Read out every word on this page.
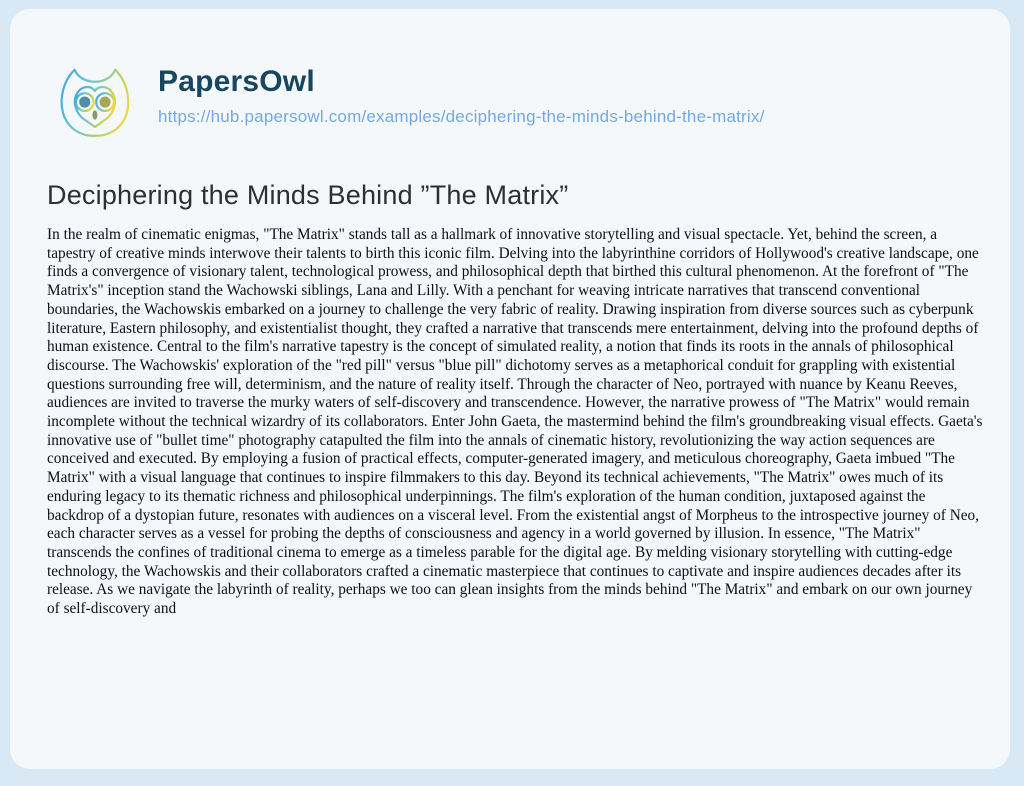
PapersOwl
https://hub.papersowl.com/examples/deciphering-the-minds-behind-the-matrix/
Deciphering the Minds Behind ”The Matrix”

In the realm of cinematic enigmas, "The Matrix" stands tall as a hallmark of innovative storytelling and visual spectacle. Yet, behind the screen, a tapestry of creative minds interwove their talents to birth this iconic film. Delving into the labyrinthine corridors of Hollywood's creative landscape, one finds a convergence of visionary talent, technological prowess, and philosophical depth that birthed this cultural phenomenon. At the forefront of "The Matrix's" inception stand the Wachowski siblings, Lana and Lilly. With a penchant for weaving intricate narratives that transcend conventional boundaries, the Wachowskis embarked on a journey to challenge the very fabric of reality. Drawing inspiration from diverse sources such as cyberpunk literature, Eastern philosophy, and existentialist thought, they crafted a narrative that transcends mere entertainment, delving into the profound depths of human existence. Central to the film's narrative tapestry is the concept of simulated reality, a notion that finds its roots in the annals of philosophical discourse. The Wachowskis' exploration of the "red pill" versus "blue pill" dichotomy serves as a metaphorical conduit for grappling with existential questions surrounding free will, determinism, and the nature of reality itself. Through the character of Neo, portrayed with nuance by Keanu Reeves, audiences are invited to traverse the murky waters of self-discovery and transcendence. However, the narrative prowess of "The Matrix" would remain incomplete without the technical wizardry of its collaborators. Enter John Gaeta, the mastermind behind the film's groundbreaking visual effects. Gaeta's innovative use of "bullet time" photography catapulted the film into the annals of cinematic history, revolutionizing the way action sequences are conceived and executed. By employing a fusion of practical effects, computer-generated imagery, and meticulous choreography, Gaeta imbued "The Matrix" with a visual language that continues to inspire filmmakers to this day. Beyond its technical achievements, "The Matrix" owes much of its enduring legacy to its thematic richness and philosophical underpinnings. The film's exploration of the human condition, juxtaposed against the backdrop of a dystopian future, resonates with audiences on a visceral level. From the existential angst of Morpheus to the introspective journey of Neo, each character serves as a vessel for probing the depths of consciousness and agency in a world governed by illusion. In essence, "The Matrix" transcends the confines of traditional cinema to emerge as a timeless parable for the digital age. By melding visionary storytelling with cutting-edge technology, the Wachowskis and their collaborators crafted a cinematic masterpiece that continues to captivate and inspire audiences decades after its release. As we navigate the labyrinth of reality, perhaps we too can glean insights from the minds behind "The Matrix" and embark on our own journey of self-discovery and
